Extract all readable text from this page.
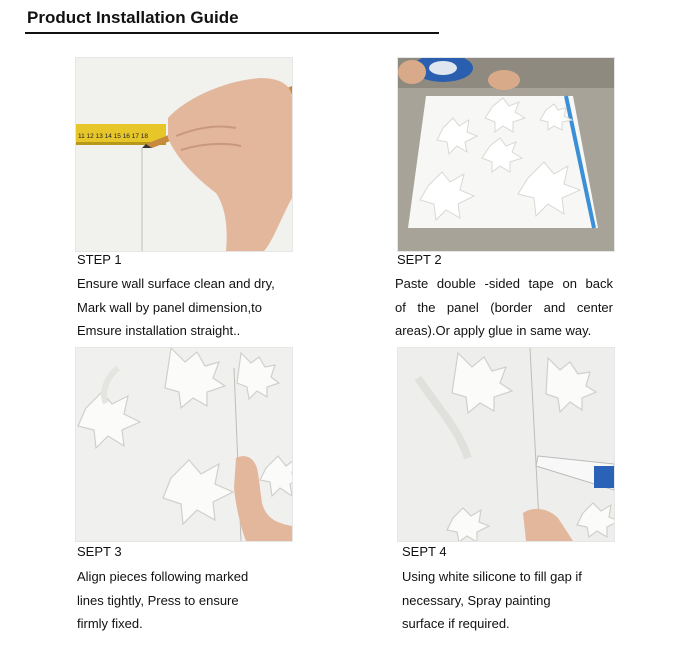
Product Installation Guide
11 12 13 14 15 16 17 18
STEP 1
Ensure wall surface clean and dry,
Mark wall by panel dimension,to
Emsure installation straight..
SEPT 2
Paste double -sided tape on back
of the panel (border and center
areas).Or apply glue in same way.
SEPT 3
Align pieces following marked
lines tightly, Press to ensure
firmly fixed.
SEPT 4
Using white silicone to fill gap if
necessary, Spray painting
surface if required.
